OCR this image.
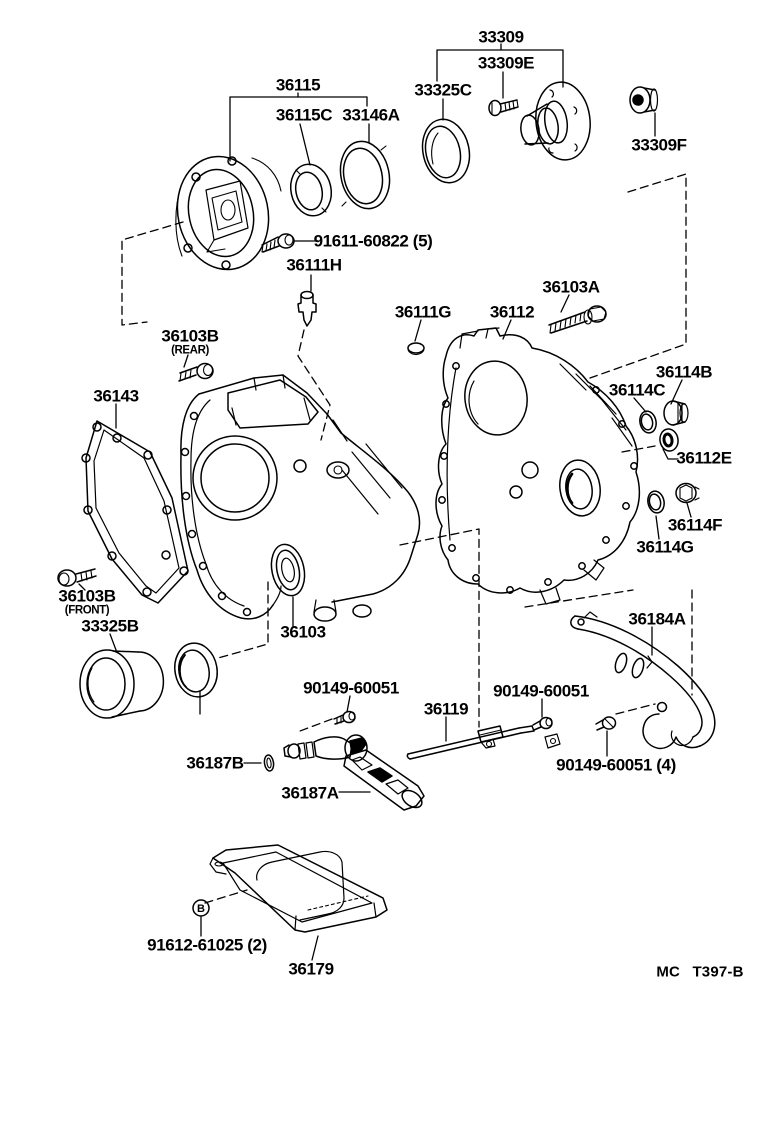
B
33309
33309E
33325C
36115
36115C 33146A
33309F
91611-60822 (5)
36111H
36103A
36111G 36112
36103B
(REAR)
36114B
36114C
36143
36112E
36114F
36114G
36103B
(FRONT)
33325B	36103
36184A
90149-60051
36119
90149-60051
36187B
36187A
90149-60051 (4)
91612-61025 (2)
36179	MC T397-B
